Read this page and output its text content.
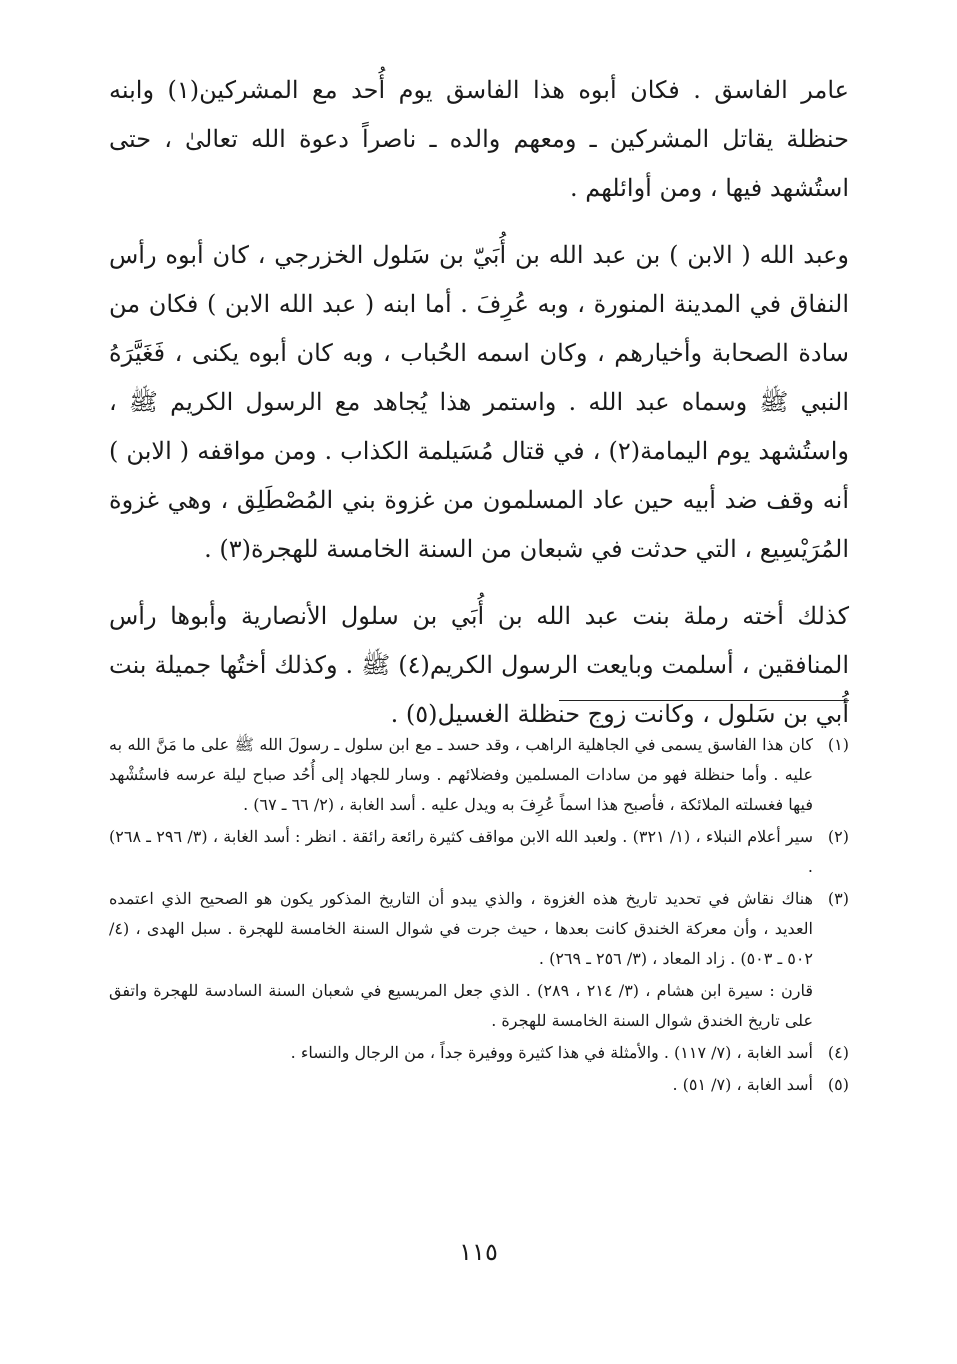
عامر الفاسق . فكان أبوه هذا الفاسق يوم أُحد مع المشركين(١) وابنه حنظلة يقاتل المشركين ـ ومعهم والده ـ ناصراً دعوة الله تعالىٰ ، حتى استُشهد فيها ، ومن أوائلهم .

وعبد الله ( الابن ) بن عبد الله بن أُبَيّ بن سَلول الخزرجي ، كان أبوه رأس النفاق في المدينة المنورة ، وبه عُرِفَ . أما ابنه ( عبد الله الابن ) فكان من سادة الصحابة وأخيارهم ، وكان اسمه الحُباب ، وبه كان أبوه يكنى ، فَغَيَّرَهُ النبي ﷺ وسماه عبد الله . واستمر هذا يُجاهد مع الرسول الكريم ﷺ ، واستُشهد يوم اليمامة(٢) ، في قتال مُسَيلمة الكذاب . ومن مواقفه ( الابن ) أنه وقف ضد أبيه حين عاد المسلمون من غزوة بني المُصْطَلِق ، وهي غزوة المُرَيْسِيع ، التي حدثت في شبعان من السنة الخامسة للهجرة(٣) .

كذلك أخته رملة بنت عبد الله بن أُبَي بن سلول الأنصارية وأبوها رأس المنافقين ، أسلمت وبايعت الرسول الكريم(٤) ﷺ . وكذلك أختُها جميلة بنت أُبي بن سَلول ، وكانت زوج حنظلة الغسيل(٥) .

(١)
كان هذا الفاسق يسمى في الجاهلية الراهب ، وقد حسد ـ مع ابن سلول ـ رسولَ الله ﷺ على ما مَنَّ الله به عليه . وأما حنظلة فهو من سادات المسلمين وفضلائهم . وسار للجهاد إلى أُحُد صباح ليلة عرسه فاستُشْهد فيها فغسلته الملائكة ، فأصبح هذا اسماً عُرِفَ به ويدل عليه . أسد الغابة ، (٢/ ٦٦ ـ ٦٧) .
(٢)
سير أعلام النبلاء ، (١/ ٣٢١) . ولعبد الله الابن مواقف كثيرة رائعة رائقة . انظر : أسد الغابة ، (٣/ ٢٩٦ ـ ٢٦٨) .
(٣)
هناك نقاش في تحديد تاريخ هذه الغزوة ، والذي يبدو أن التاريخ المذكور يكون هو الصحيح الذي اعتمده العديد ، وأن معركة الخندق كانت بعدها ، حيث جرت في شوال السنة الخامسة للهجرة . سبل الهدى ، (٤/ ٥٠٢ ـ ٥٠٣) . زاد المعاد ، (٣/ ٢٥٦ ـ ٢٦٩) .
قارن : سيرة ابن هشام ، (٣/ ٢١٤ ، ٢٨٩) . الذي جعل المريسيع في شعبان السنة السادسة للهجرة واتفق على تاريخ الخندق شوال السنة الخامسة للهجرة .
(٤)
أسد الغابة ، (٧/ ١١٧) . والأمثلة في هذا كثيرة ووفيرة جداً ، من الرجال والنساء .
(٥)
أسد الغابة ، (٧/ ٥١) .
١١٥
